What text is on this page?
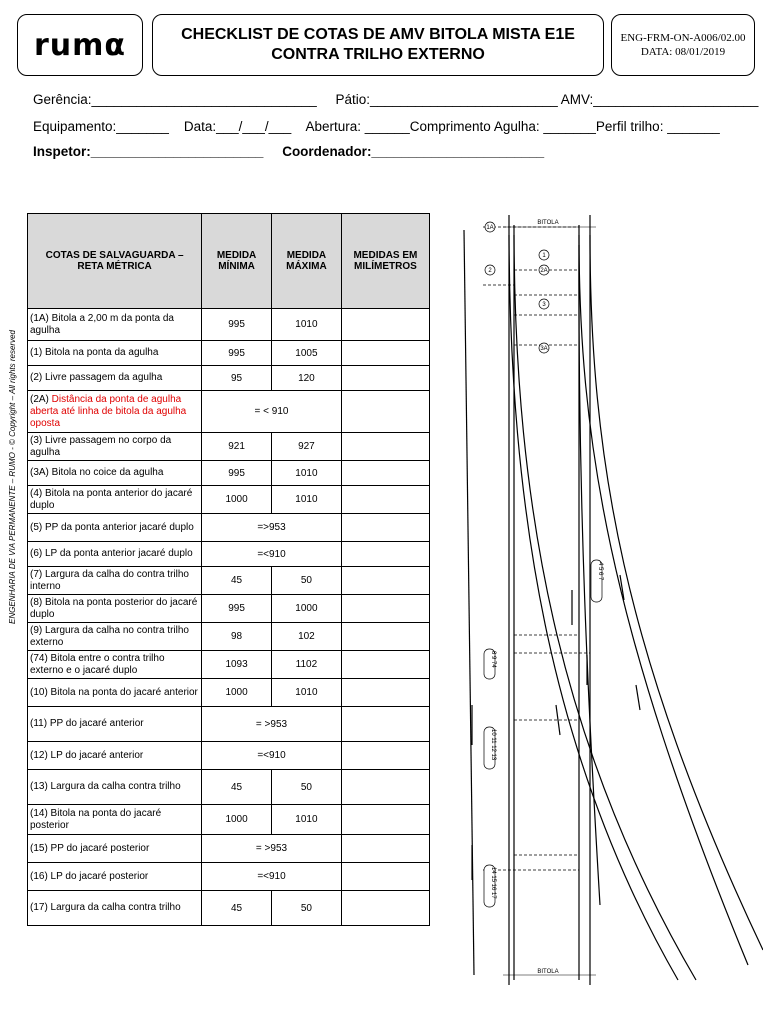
rumα	CHECKLIST DE COTAS DE AMV BITOLA MISTA E1E
CONTRA TRILHO EXTERNO
ENG-FRM-ON-A006/02.00
DATA: 08/01/2019
Gerência:______________________________     Pátio:_________________________ AMV:______________________
Equipamento:_______    Data:___/___/___    Abertura: ______Comprimento Agulha: _______Perfil trilho: _______
Inspetor:_______________________     Coordenador:_______________________
ENGENHARIA DE VIA PERMANENTE – RUMO - © Copyright – All rights reserved
COTAS DE SALVAGUARDA – RETA MÉTRICA	MEDIDA MÍNIMA	MEDIDA MÁXIMA	MEDIDAS EM MILÍMETROS
(1A) Bitola a 2,00 m da ponta da agulha	995	1010	
(1) Bitola na ponta da agulha	995	1005	
(2) Livre passagem da agulha	95	120	
(2A) Distância da ponta de agulha aberta até linha de bitola da agulha oposta	= < 910		
(3) Livre passagem no corpo da agulha	921	927	
(3A) Bitola no coice da agulha	995	1010	
(4) Bitola na ponta anterior do jacaré duplo	1000	1010	
(5) PP da ponta anterior jacaré duplo	=>953		
(6) LP da ponta anterior jacaré duplo	=<910		
(7) Largura da calha do contra trilho interno	45	50	
(8) Bitola na ponta posterior do jacaré duplo	995	1000	
(9) Largura da calha no contra trilho externo	98	102	
(74) Bitola entre o contra trilho externo e o jacaré duplo	1093	1102	
(10) Bitola na ponta do jacaré anterior	1000	1010	
(11) PP do jacaré anterior	= >953		
(12) LP do jacaré anterior	=<910		
(13) Largura da calha contra trilho	45	50	
(14) Bitola na ponta do jacaré posterior	1000	1010	
(15) PP do jacaré posterior	= >953		
(16) LP do jacaré posterior	=<910		
(17) Largura da calha contra trilho	45	50	
BITOLA
BITOLA
1A
2
1
2A
3
3A
4 5 6 7
8 9 74
10 11 12 13
14 15 16 17
